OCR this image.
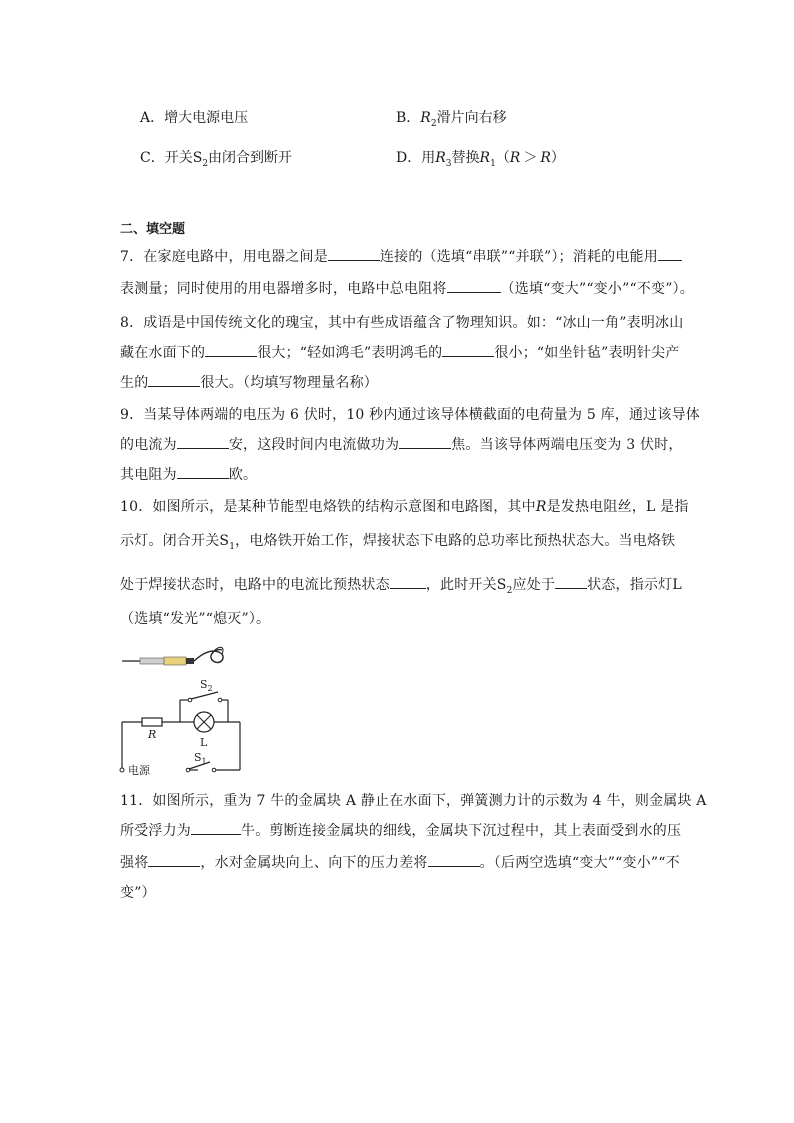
A．增大电源电压	B．$R_2$滑片向右移
C．开关$S_2$由闭合到断开	D．用$R_3$替换$R_1(R > R)$
二、填空题
7．在家庭电路中，用电器之间是	连接的（选填“串联”“并联”）；消耗的电能用
表测量；同时使用的用电器增多时，电路中总电阻将	（选填“变大”“变小”“不变”）。
8．成语是中国传统文化的瑰宝，其中有些成语蕴含了物理知识。如：“冰山一角”表明冰山
藏在水面下的	很大；“轻如鸿毛”表明鸿毛的	很小；“如坐针毡”表明针尖产
生的	很大。（均填写物理量名称）
9．当某导体两端的电压为 6 伏时，10 秒内通过该导体横截面的电荷量为 5 库，通过该导体
的电流为	安，这段时间内电流做功为	焦。当该导体两端电压变为 3 伏时，
其电阻为	欧。
10．如图所示，是某种节能型电烙铁的结构示意图和电路图，其中R是发热电阻丝，L 是指
示灯。闭合开关$S_1$，电烙铁开始工作，焊接状态下电路的总功率比预热状态大。当电烙铁
处于焊接状态时，电路中的电流比预热状态	，此时开关$S_2$应处于 状态，指示灯L
（选填“发光”“熄灭”）。
$S_2$
R
L
电源
$S_1$
11．如图所示，重为 7 牛的金属块 A 静止在水面下，弹簧测力计的示数为 4 牛，则金属块 A
所受浮力为	牛。剪断连接金属块的细线，金属块下沉过程中，其上表面受到水的压
强将	，水对金属块向上、向下的压力差将	。（后两空选填“变大”“变小”“不
变”）
